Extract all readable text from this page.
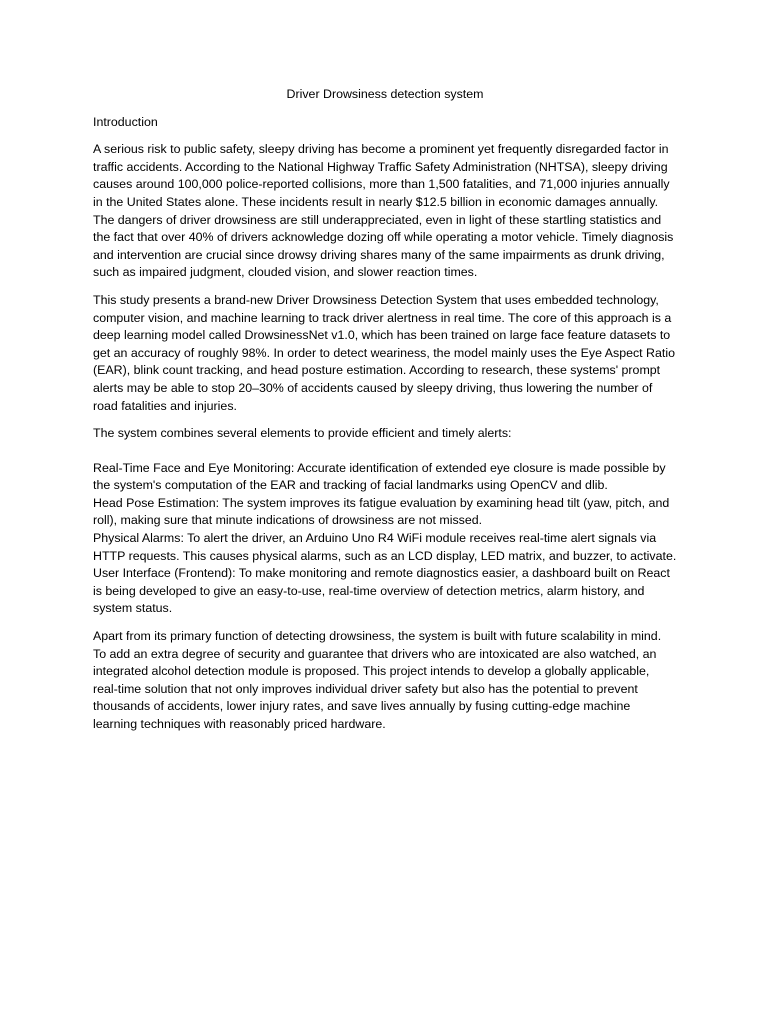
Driver Drowsiness detection system

Introduction

A serious risk to public safety, sleepy driving has become a prominent yet frequently disregarded factor in traffic accidents. According to the National Highway Traffic Safety Administration (NHTSA), sleepy driving causes around 100,000 police-reported collisions, more than 1,500 fatalities, and 71,000 injuries annually in the United States alone. These incidents result in nearly $12.5 billion in economic damages annually. The dangers of driver drowsiness are still underappreciated, even in light of these startling statistics and the fact that over 40% of drivers acknowledge dozing off while operating a motor vehicle. Timely diagnosis and intervention are crucial since drowsy driving shares many of the same impairments as drunk driving, such as impaired judgment, clouded vision, and slower reaction times.

This study presents a brand-new Driver Drowsiness Detection System that uses embedded technology, computer vision, and machine learning to track driver alertness in real time. The core of this approach is a deep learning model called DrowsinessNet v1.0, which has been trained on large face feature datasets to get an accuracy of roughly 98%. In order to detect weariness, the model mainly uses the Eye Aspect Ratio (EAR), blink count tracking, and head posture estimation. According to research, these systems' prompt alerts may be able to stop 20–30% of accidents caused by sleepy driving, thus lowering the number of road fatalities and injuries.

The system combines several elements to provide efficient and timely alerts:

Real-Time Face and Eye Monitoring: Accurate identification of extended eye closure is made possible by the system's computation of the EAR and tracking of facial landmarks using OpenCV and dlib.
Head Pose Estimation: The system improves its fatigue evaluation by examining head tilt (yaw, pitch, and roll), making sure that minute indications of drowsiness are not missed.
Physical Alarms: To alert the driver, an Arduino Uno R4 WiFi module receives real-time alert signals via HTTP requests. This causes physical alarms, such as an LCD display, LED matrix, and buzzer, to activate.
User Interface (Frontend): To make monitoring and remote diagnostics easier, a dashboard built on React is being developed to give an easy-to-use, real-time overview of detection metrics, alarm history, and system status.

Apart from its primary function of detecting drowsiness, the system is built with future scalability in mind. To add an extra degree of security and guarantee that drivers who are intoxicated are also watched, an integrated alcohol detection module is proposed. This project intends to develop a globally applicable, real-time solution that not only improves individual driver safety but also has the potential to prevent thousands of accidents, lower injury rates, and save lives annually by fusing cutting-edge machine learning techniques with reasonably priced hardware.
